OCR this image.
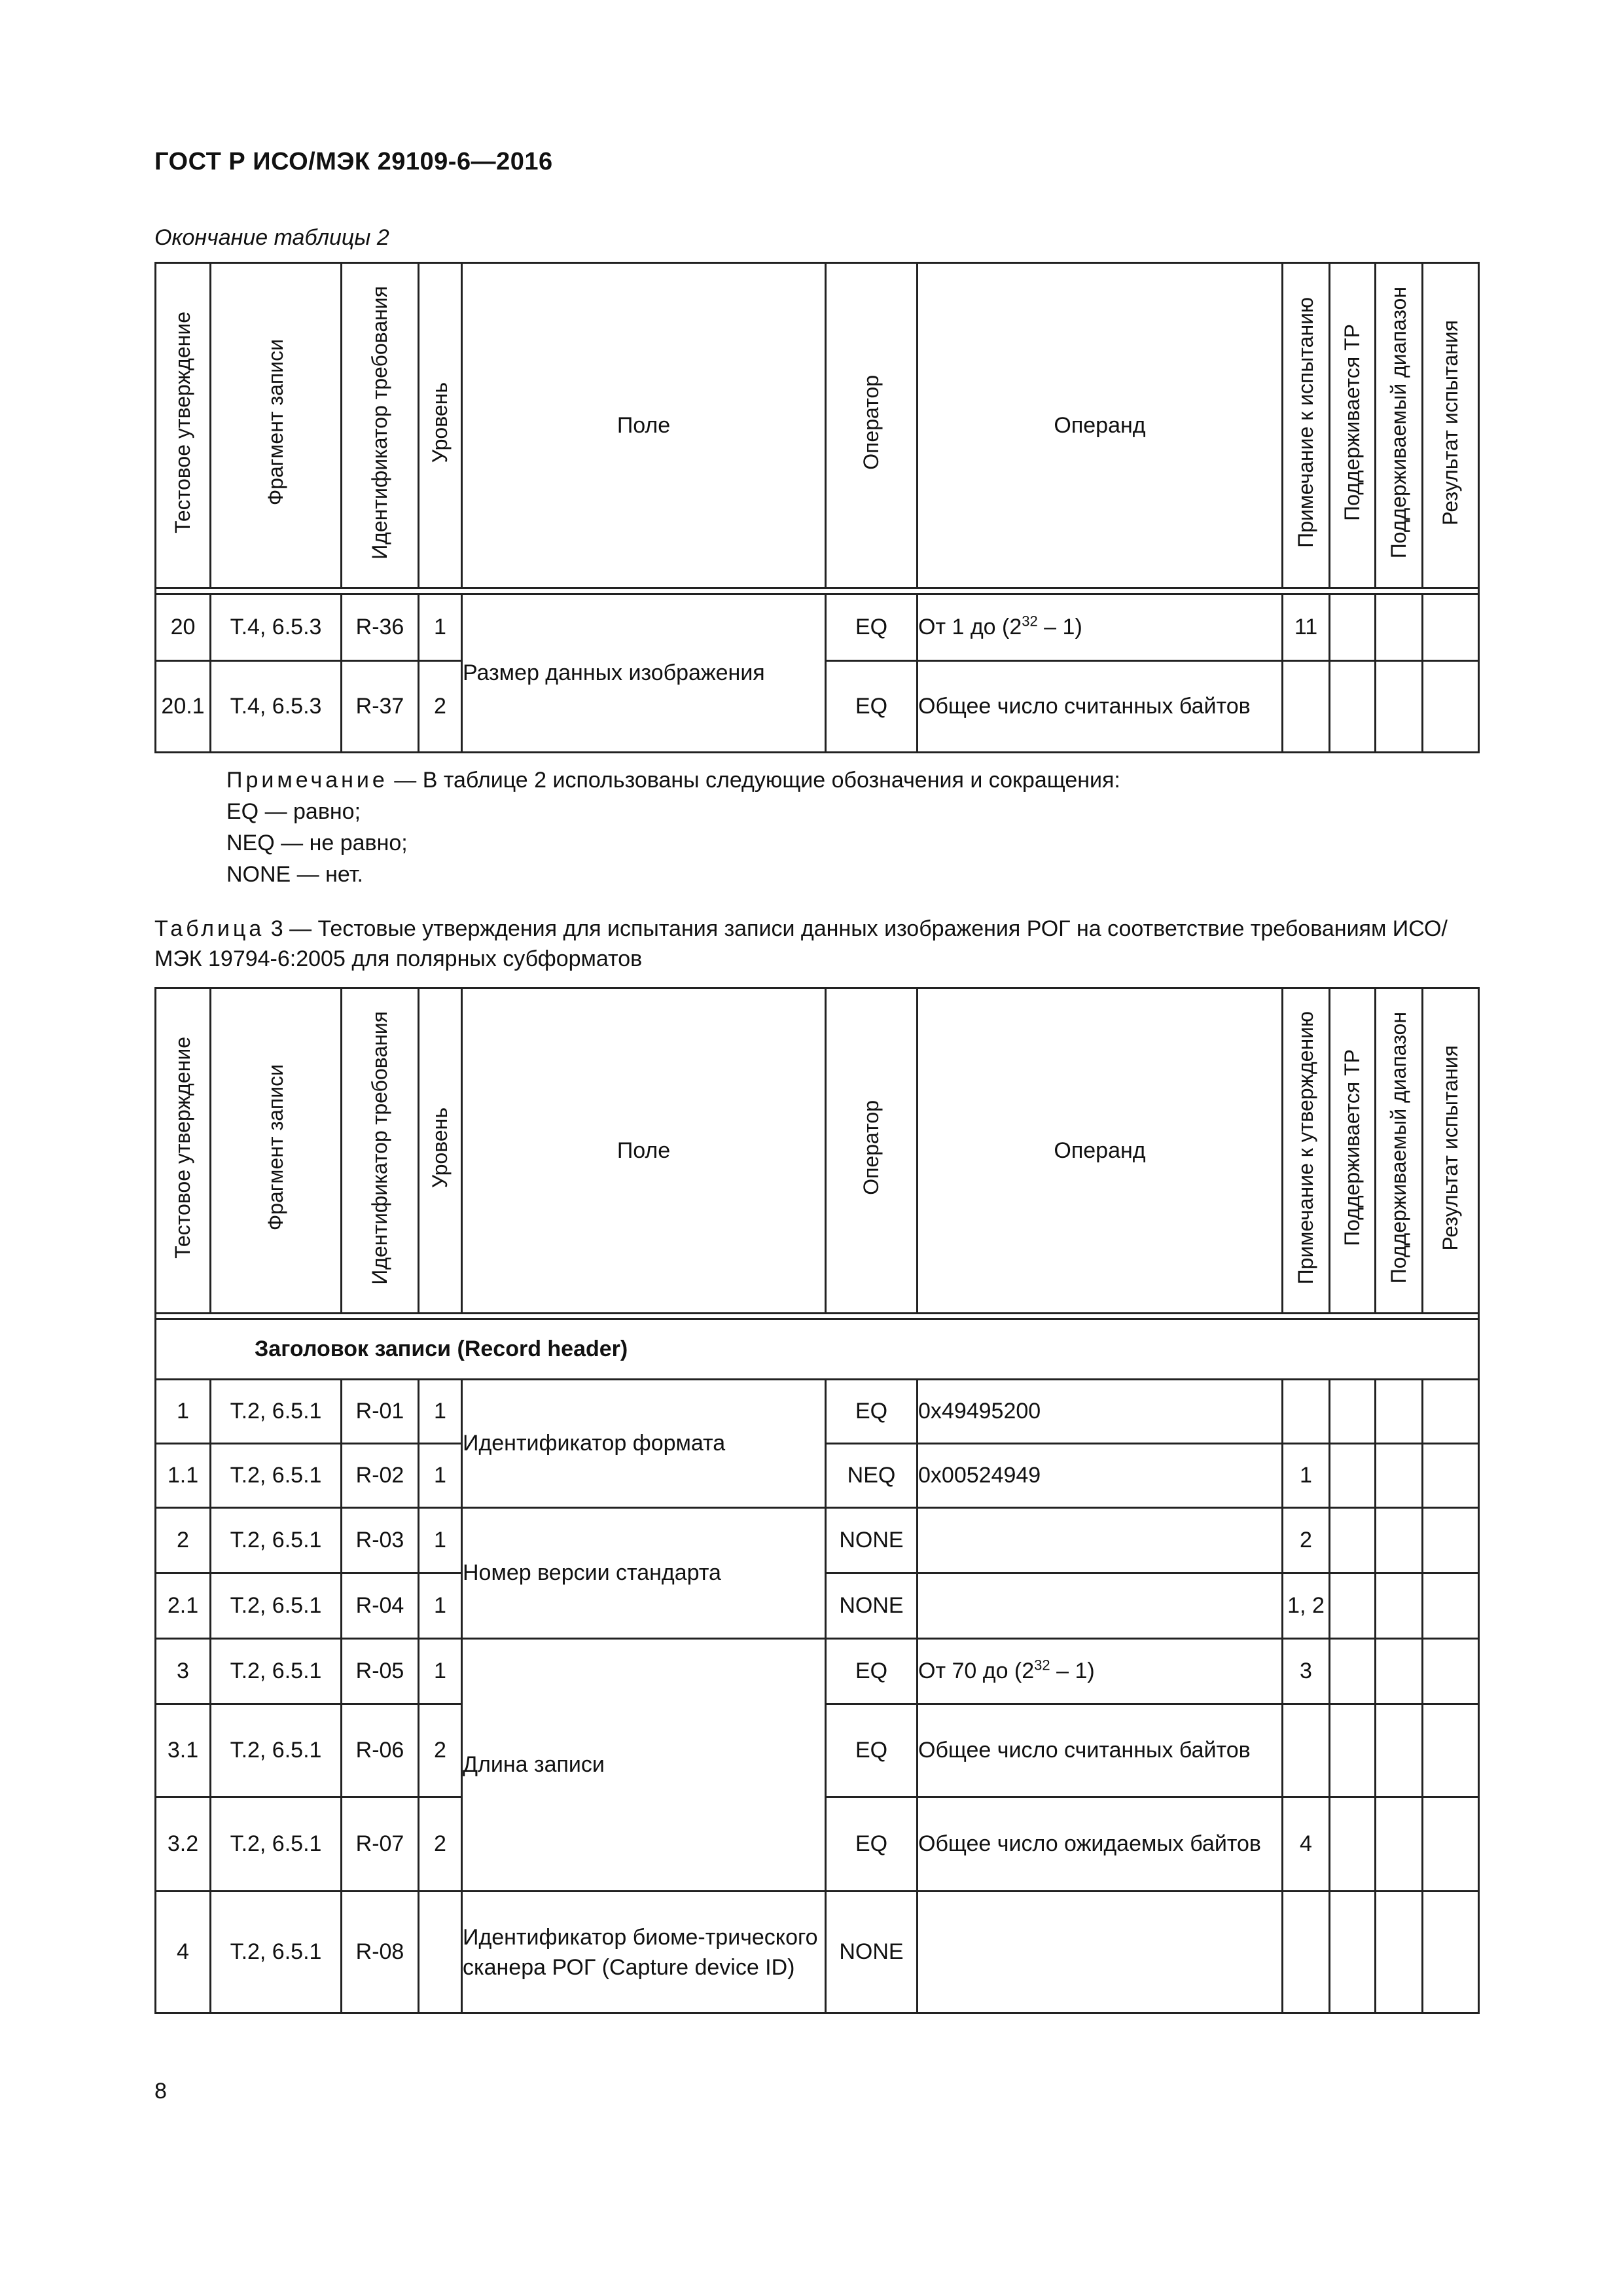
ГОСТ Р ИСО/МЭК 29109-6—2016
Окончание таблицы 2
Тестовое утверждение	Фрагмент записи	Идентификатор требования	Уровень	Поле	Оператор	Операнд	Примечание к испытанию	Поддерживается ТР	Поддерживаемый диапазон	Результат испытания

20	Т.4, 6.5.3	R-36	1	Размер данных изображения	EQ	От 1 до $(2^{32} - 1)$	11			
20.1	Т.4, 6.5.3	R-37	2		EQ	Общее число считанных байтов				
Примечание — В таблице 2 использованы следующие обозначения и сокращения:
EQ — равно;
NEQ — не равно;
NONE — нет.
Таблица 3 — Тестовые утверждения для испытания записи данных изображения РОГ на соответствие требованиям ИСО/МЭК 19794-6:2005 для полярных субформатов
Тестовое утверждение	Фрагмент записи	Идентификатор требования	Уровень	Поле	Оператор	Операнд	Примечание к утверждению	Поддерживается ТР	Поддерживаемый диапазон	Результат испытания

Заголовок записи (Record header)										
1	Т.2, 6.5.1	R-01	1	Идентификатор формата	EQ	0x49495200				
1.1	Т.2, 6.5.1	R-02	1		NEQ	0x00524949	1			
2	Т.2, 6.5.1	R-03	1	Номер версии стандарта	NONE		2			
2.1	Т.2, 6.5.1	R-04	1		NONE		1, 2			
3	Т.2, 6.5.1	R-05	1	Длина записи	EQ	От 70 до $(2^{32} - 1)$	3			
3.1	Т.2, 6.5.1	R-06	2		EQ	Общее число считанных байтов				
3.2	Т.2, 6.5.1	R-07	2		EQ	Общее число ожидаемых байтов	4			
4	Т.2, 6.5.1	R-08		Идентификатор биоме-трического сканера РОГ (Capture device ID)	NONE					
8
